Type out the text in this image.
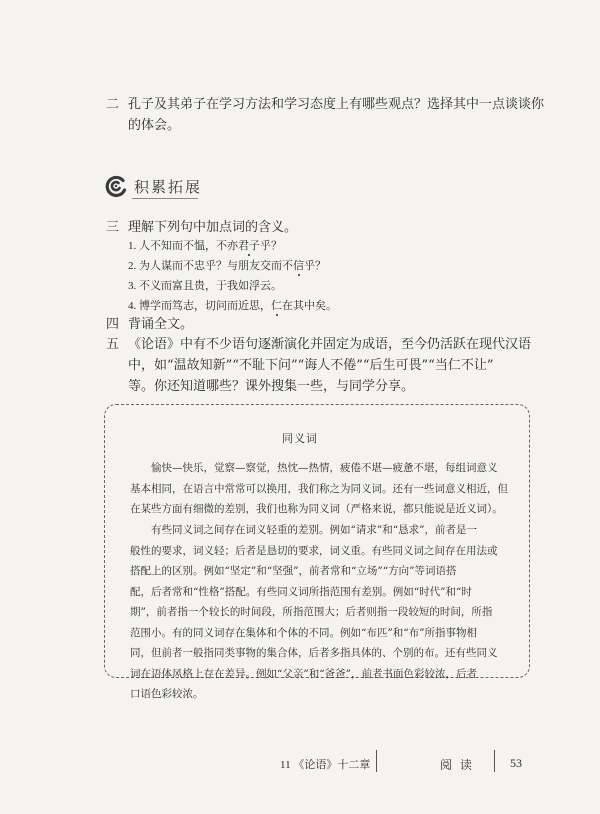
二 孔子及其弟子在学习方法和学习态度上有哪些观点？选择其中一点谈谈你
的体会。
积累拓展
三 理解下列句中加点词的含义。
1. 人不知而不愠，不亦君子乎？
2. 为人谋而不忠乎？与朋友交而不信乎？
3. 不义而富且贵，于我如浮云。
4. 博学而笃志，切问而近思，仁在其中矣。
四 背诵全文。
五 《论语》中有不少语句逐渐演化并固定为成语，至今仍活跃在现代汉语
中，如“温故知新”“不耻下问”“诲人不倦”“后生可畏”“当仁不让”
等。你还知道哪些？课外搜集一些，与同学分享。
同义词
愉快—快乐，觉察—察觉，热忱—热情，疲倦不堪—疲惫不堪，每组词意义
基本相同，在语言中常常可以换用，我们称之为同义词。还有一些词意义相近，但
在某些方面有细微的差别，我们也称为同义词（严格来说，都只能说是近义词）。
有些同义词之间存在词义轻重的差别。例如“请求”和“恳求”，前者是一
般性的要求，词义轻；后者是恳切的要求，词义重。有些同义词之间存在用法或
搭配上的区别。例如“坚定”和“坚强”，前者常和“立场”“方向”等词语搭
配，后者常和“性格”搭配。有些同义词所指范围有差别。例如“时代”和“时
期”，前者指一个较长的时间段，所指范围大；后者则指一段较短的时间，所指
范围小。有的同义词存在集体和个体的不同。例如“布匹”和“布”所指事物相
同，但前者一般指同类事物的集合体，后者多指具体的、个别的布。还有些同义
词在语体风格上存在差异。例如“父亲”和“爸爸”，前者书面色彩较浓，后者
口语色彩较浓。
11 《论语》十二章	阅 读	53
